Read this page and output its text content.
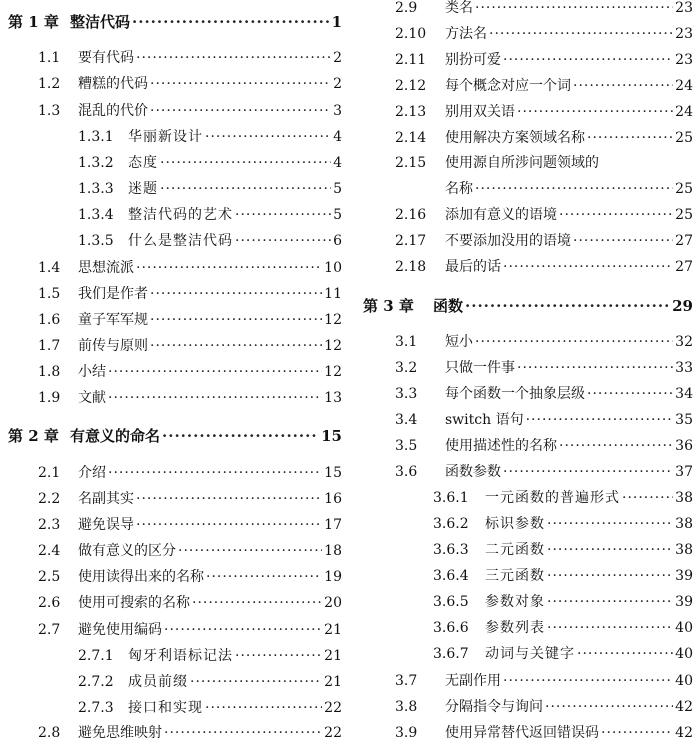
第 1 章 整洁代码 ·····	1
1.1	要有代码 ·····	2
1.2	糟糕的代码 ·····	2
1.3	混乱的代价 ·····	3
1.3.1	华丽新设计 ·····	4
1.3.2	态度 ·····	4
1.3.3	迷题 ·····	5
1.3.4	整洁代码的艺术 ·····	5
1.3.5	什么是整洁代码 ·····	6
1.4	思想流派 ·····	10
1.5	我们是作者 ·····	11
1.6	童子军军规 ·····	12
1.7	前传与原则 ·····	12
1.8	小结 ·····	12
1.9	文献 ·····	13
第 2 章 有意义的命名 ·····	15
2.1	介绍 ·····	15
2.2	名副其实 ·····	16
2.3	避免误导 ·····	17
2.4	做有意义的区分 ·····	18
2.5	使用读得出来的名称 ·····	19
2.6	使用可搜索的名称 ·····	20
2.7	避免使用编码 ·····	21
2.7.1	匈牙利语标记法 ·····	21
2.7.2	成员前缀 ·····	21
2.7.3	接口和实现 ·····	22
2.8	避免思维映射 ·····	22
2.9	类名 ·····	23
2.10	方法名 ·····	23
2.11	别扮可爱 ·····	23
2.12	每个概念对应一个词 ·····	24
2.13	别用双关语 ·····	24
2.14	使用解决方案领域名称 ·····	25
2.15	使用源自所涉问题领域的
名称 ·····	25
2.16	添加有意义的语境 ·····	25
2.17	不要添加没用的语境 ·····	27
2.18	最后的话 ·····	27
第 3 章	函数 ·····	29
3.1	短小 ·····	32
3.2	只做一件事 ·····	33
3.3	每个函数一个抽象层级 ·····	34
3.4	switch 语句 ·····	35
3.5	使用描述性的名称 ·····	36
3.6	函数参数 ·····	37
3.6.1	一元函数的普遍形式 ·····	38
3.6.2	标识参数 ·····	38
3.6.3	二元函数 ·····	38
3.6.4	三元函数 ·····	39
3.6.5	参数对象 ·····	39
3.6.6	参数列表 ·····	40
3.6.7	动词与关键字 ·····	40
3.7	无副作用 ·····	40
3.8	分隔指令与询问 ·····	42
3.9	使用异常替代返回错误码 ·····	42
